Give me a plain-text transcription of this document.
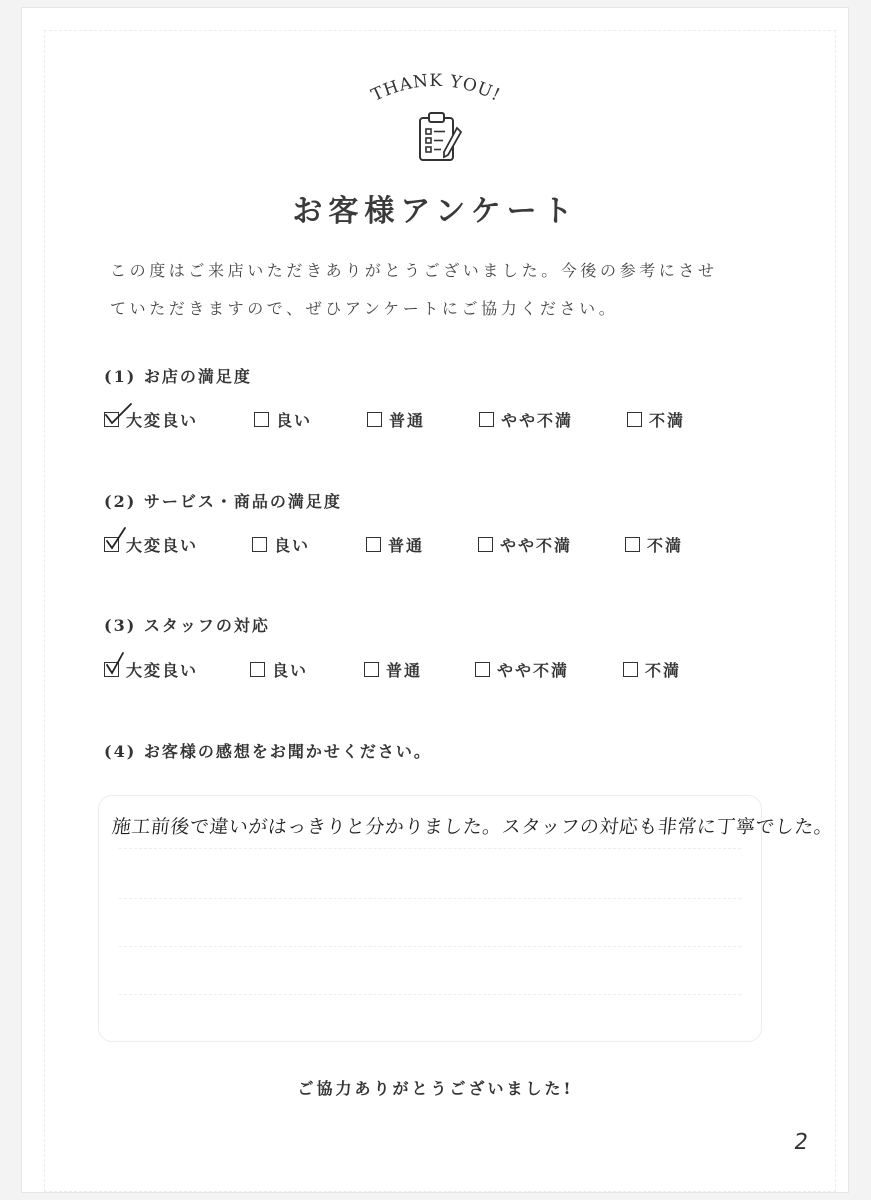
THANK YOU!
お客様アンケート
この度はご来店いただきありがとうございました。今後の参考にさせ
ていただきますので、ぜひアンケートにご協力ください。
(1) お店の満足度
大変良い	良い	普通	やや不満	不満
(2) サービス・商品の満足度
大変良い	良い	普通	やや不満	不満
(3) スタッフの対応
大変良い	良い	普通	やや不満	不満
(4) お客様の感想をお聞かせください。
施工前後で違いがはっきりと分かりました。スタッフの対応も非常に丁寧でした。
ご協力ありがとうございました!
2
